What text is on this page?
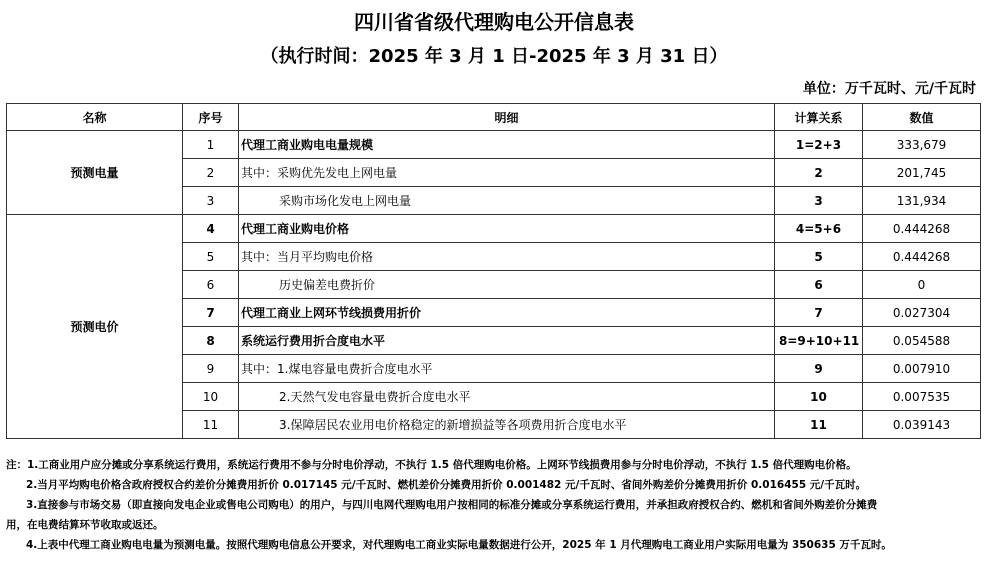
四川省省级代理购电公开信息表
（执行时间：2025 年 3 月 1 日-2025 年 3 月 31 日）
单位：万千瓦时、元/千瓦时
名称	序号	明细	计算关系	数值
预测电量	1	代理工商业购电电量规模	1=2+3	333,679
	2	其中：采购优先发电上网电量	2	201,745
	3	采购市场化发电上网电量	3	131,934
预测电价	4	代理工商业购电价格	4=5+6	0.444268
	5	其中：当月平均购电价格	5	0.444268
	6	历史偏差电费折价	6	0
	7	代理工商业上网环节线损费用折价	7	0.027304
	8	系统运行费用折合度电水平	8=9+10+11	0.054588
	9	其中：1.煤电容量电费折合度电水平	9	0.007910
	10	2.天然气发电容量电费折合度电水平	10	0.007535
	11	3.保障居民农业用电价格稳定的新增损益等各项费用折合度电水平	11	0.039143

注：1.工商业用户应分摊或分享系统运行费用，系统运行费用不参与分时电价浮动，不执行 1.5 倍代理购电价格。上网环节线损费用参与分时电价浮动，不执行 1.5 倍代理购电价格。

2.当月平均购电价格含政府授权合约差价分摊费用折价 0.017145 元/千瓦时、燃机差价分摊费用折价 0.001482 元/千瓦时、省间外购差价分摊费用折价 0.016455 元/千瓦时。

3.直接参与市场交易（即直接向发电企业或售电公司购电）的用户，与四川电网代理购电用户按相同的标准分摊或分享系统运行费用，并承担政府授权合约、燃机和省间外购差价分摊费

用，在电费结算环节收取或返还。

4.上表中代理工商业购电电量为预测电量。按照代理购电信息公开要求，对代理购电工商业实际电量数据进行公开，2025 年 1 月代理购电工商业用户实际用电量为 350635 万千瓦时。
